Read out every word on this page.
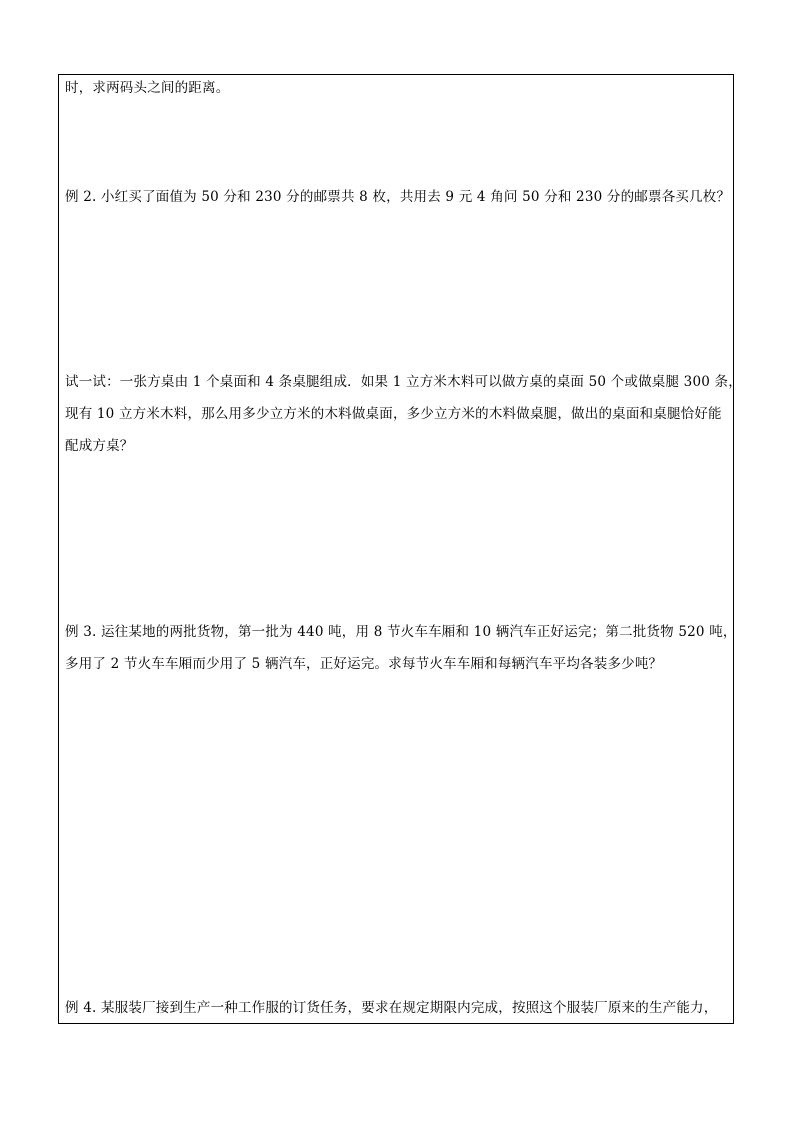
时，求两码头之间的距离。
例 2. 小红买了面值为 50 分和 230 分的邮票共 8 枚，共用去 9 元 4 角问 50 分和 230 分的邮票各买几枚？
试一试：一张方桌由 1 个桌面和 4 条桌腿组成．如果 1 立方米木料可以做方桌的桌面 50 个或做桌腿 300 条，
现有 10 立方米木料，那么用多少立方米的木料做桌面，多少立方米的木料做桌腿，做出的桌面和桌腿恰好能
配成方桌？
例 3. 运往某地的两批货物，第一批为 440 吨，用 8 节火车车厢和 10 辆汽车正好运完；第二批货物 520 吨，
多用了 2 节火车车厢而少用了 5 辆汽车，正好运完。求每节火车车厢和每辆汽车平均各装多少吨？
例 4. 某服装厂接到生产一种工作服的订货任务，要求在规定期限内完成，按照这个服装厂原来的生产能力，
